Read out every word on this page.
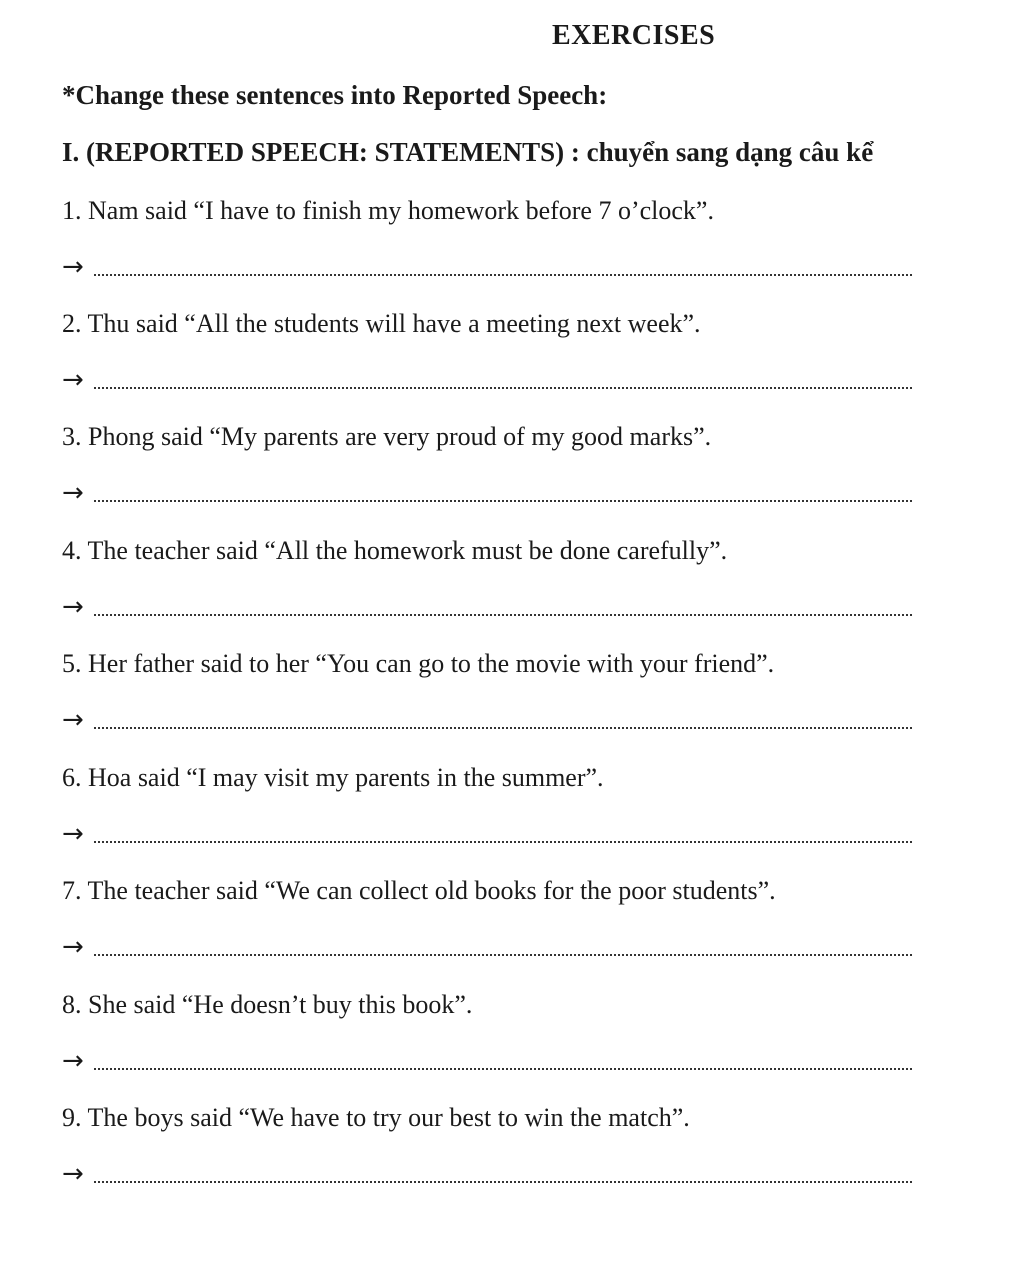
EXERCISES
*Change these sentences into Reported Speech:
I. (REPORTED SPEECH: STATEMENTS) : chuyển sang dạng câu kể
1. Nam said “I have to finish my homework before 7 o’clock”.
→
2. Thu said “All the students will have a meeting next week”.
→
3. Phong said “My parents are very proud of my good marks”.
→
4. The teacher said “All the homework must be done carefully”.
→
5. Her father said to her “You can go to the movie with your friend”.
→
6. Hoa said “I may visit my parents in the summer”.
→
7. The teacher said “We can collect old books for the poor students”.
→
8. She said “He doesn’t buy this book”.
→
9. The boys said “We have to try our best to win the match”.
→
